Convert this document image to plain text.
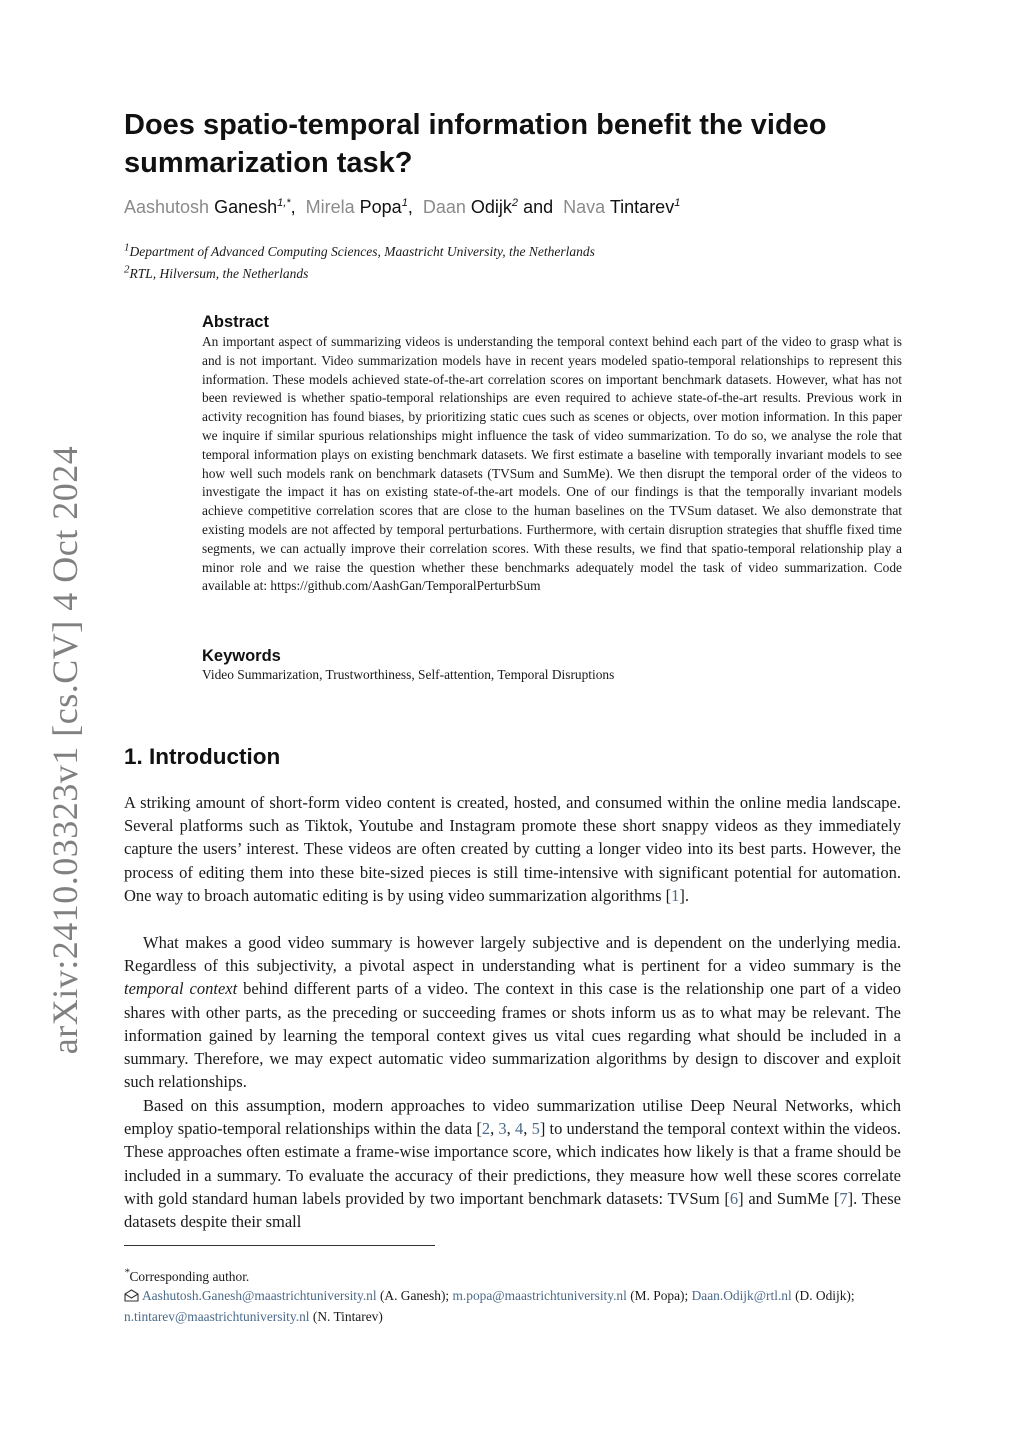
arXiv:2410.03323v1 [cs.CV] 4 Oct 2024
Does spatio-temporal information benefit the video summarization task?
Aashutosh Ganesh$^{1,*}$, Mirela Popa$^1$, Daan Odijk$^2$ and Nava Tintarev$^1$
$^1$Department of Advanced Computing Sciences, Maastricht University, the Netherlands
$^2$RTL, Hilversum, the Netherlands
Abstract

An important aspect of summarizing videos is understanding the temporal context behind each part of the video to grasp what is and is not important. Video summarization models have in recent years modeled spatio-temporal relationships to represent this information. These models achieved state-of-the-art correlation scores on important benchmark datasets. However, what has not been reviewed is whether spatio-temporal relationships are even required to achieve state-of-the-art results. Previous work in activity recognition has found biases, by prioritizing static cues such as scenes or objects, over motion information. In this paper we inquire if similar spurious relationships might influence the task of video summarization. To do so, we analyse the role that temporal information plays on existing benchmark datasets. We first estimate a baseline with temporally invariant models to see how well such models rank on benchmark datasets (TVSum and SumMe). We then disrupt the temporal order of the videos to investigate the impact it has on existing state-of-the-art models. One of our findings is that the temporally invariant models achieve competitive correlation scores that are close to the human baselines on the TVSum dataset. We also demonstrate that existing models are not affected by temporal perturbations. Furthermore, with certain disruption strategies that shuffle fixed time segments, we can actually improve their correlation scores. With these results, we find that spatio-temporal relationship play a minor role and we raise the question whether these benchmarks adequately model the task of video summarization. Code available at: https://github.com/AashGan/TemporalPerturbSum

Keywords
Video Summarization, Trustworthiness, Self-attention, Temporal Disruptions
1. Introduction

A striking amount of short-form video content is created, hosted, and consumed within the online media landscape. Several platforms such as Tiktok, Youtube and Instagram promote these short snappy videos as they immediately capture the users’ interest. These videos are often created by cutting a longer video into its best parts. However, the process of editing them into these bite-sized pieces is still time-intensive with significant potential for automation. One way to broach automatic editing is by using video summarization algorithms [1].

What makes a good video summary is however largely subjective and is dependent on the underlying media. Regardless of this subjectivity, a pivotal aspect in understanding what is pertinent for a video summary is the temporal context behind different parts of a video. The context in this case is the relationship one part of a video shares with other parts, as the preceding or succeeding frames or shots inform us as to what may be relevant. The information gained by learning the temporal context gives us vital cues regarding what should be included in a summary. Therefore, we may expect automatic video summarization algorithms by design to discover and exploit such relationships.

Based on this assumption, modern approaches to video summarization utilise Deep Neural Networks, which employ spatio-temporal relationships within the data [2, 3, 4, 5] to understand the temporal context within the videos. These approaches often estimate a frame-wise importance score, which indicates how likely is that a frame should be included in a summary. To evaluate the accuracy of their predictions, they measure how well these scores correlate with gold standard human labels provided by two important benchmark datasets: TVSum [6] and SumMe [7]. These datasets despite their small

*Corresponding author.
Aashutosh.Ganesh@maastrichtuniversity.nl (A. Ganesh); m.popa@maastrichtuniversity.nl (M. Popa); Daan.Odijk@rtl.nl (D. Odijk); n.tintarev@maastrichtuniversity.nl (N. Tintarev)
